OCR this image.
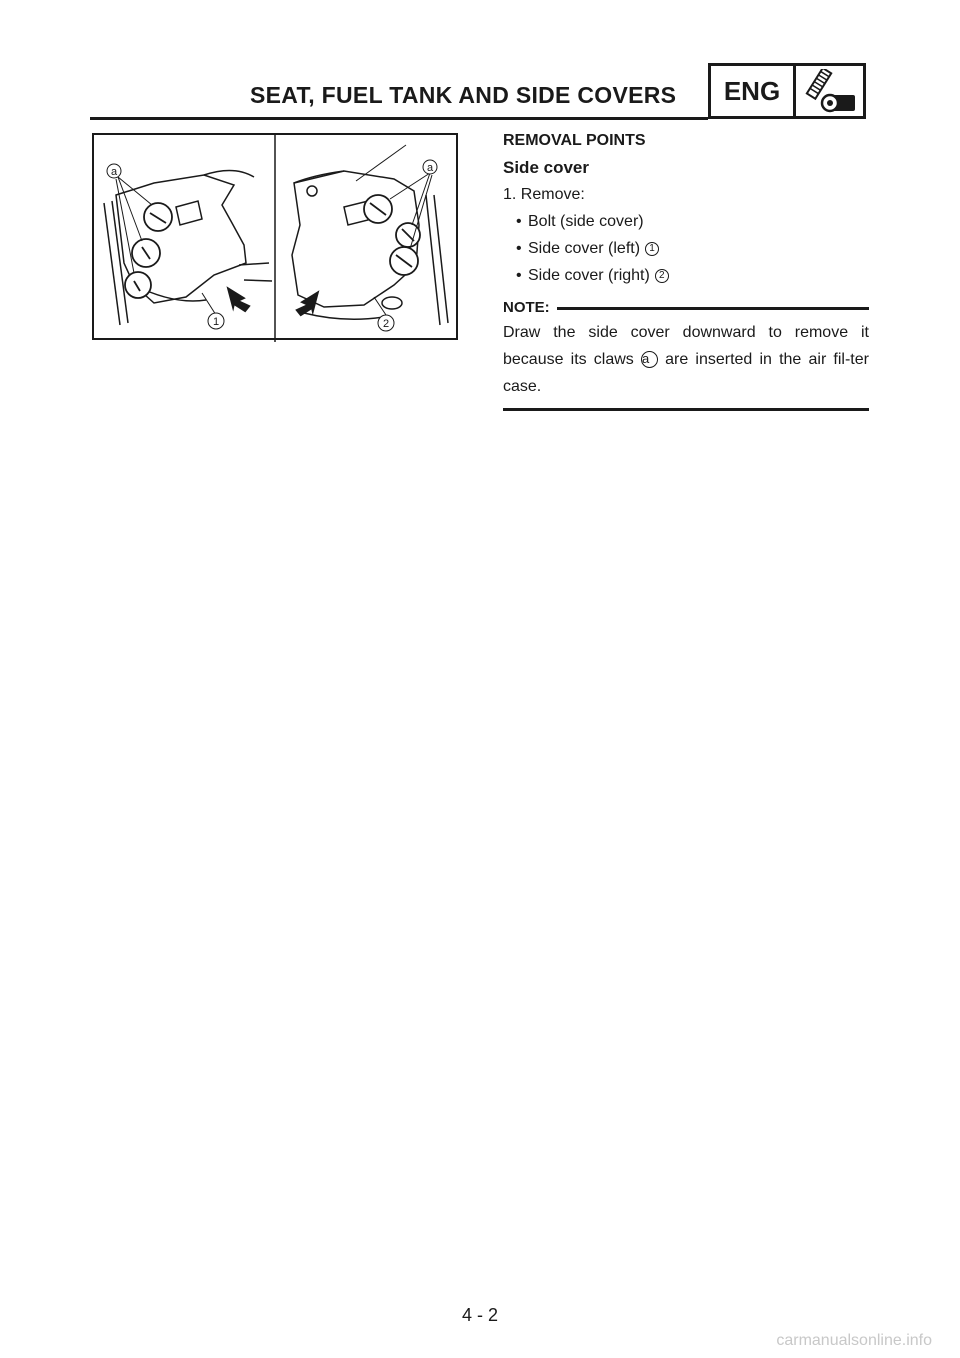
SEAT, FUEL TANK AND SIDE COVERS	ENG
a
1
a
2
REMOVAL POINTS
Side cover
1. Remove:
• Bolt (side cover)
• Side cover (left) 1
• Side cover (right) 2
NOTE:
Draw the side cover downward to remove it because its claws a are inserted in the air fil-ter case.
4 - 2
carmanualsonline.info
